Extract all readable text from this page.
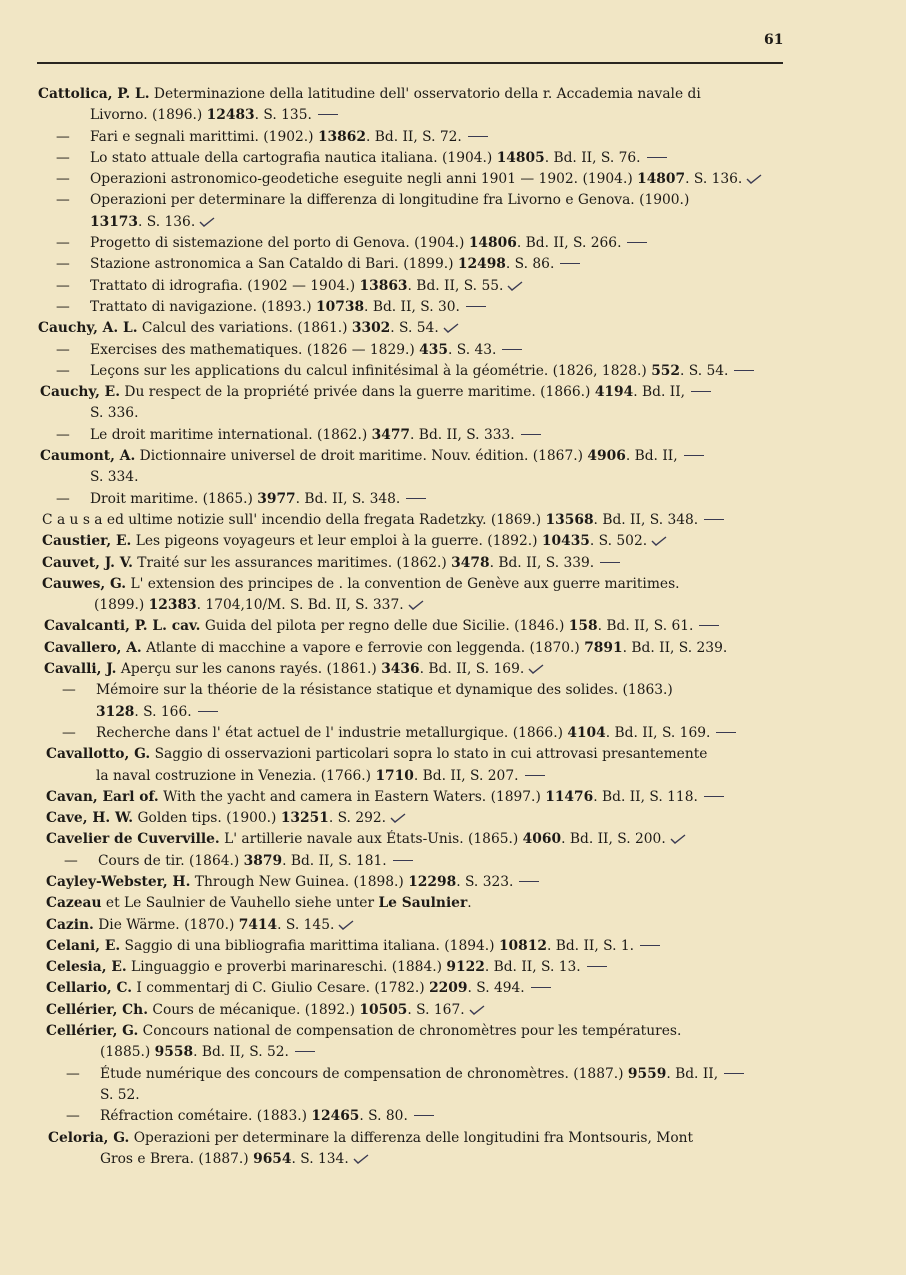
61
Cattolica, P. L. Determinazione della latitudine dell' osservatorio della r. Accademia navale di
Livorno. (1896.) 12483. S. 135.
— Fari e segnali marittimi. (1902.) 13862. Bd. II, S. 72.
— Lo stato attuale della cartografia nautica italiana. (1904.) 14805. Bd. II, S. 76.
— Operazioni astronomico-geodetiche eseguite negli anni 1901 — 1902. (1904.) 14807. S. 136.
— Operazioni per determinare la differenza di longitudine fra Livorno e Genova. (1900.)
13173. S. 136.
— Progetto di sistemazione del porto di Genova. (1904.) 14806. Bd. II, S. 266.
— Stazione astronomica a San Cataldo di Bari. (1899.) 12498. S. 86.
— Trattato di idrografia. (1902 — 1904.) 13863. Bd. II, S. 55.
— Trattato di navigazione. (1893.) 10738. Bd. II, S. 30.
Cauchy, A. L. Calcul des variations. (1861.) 3302. S. 54.
— Exercises des mathematiques. (1826 — 1829.) 435. S. 43.
— Leçons sur les applications du calcul infinitésimal à la géométrie. (1826, 1828.) 552. S. 54.
Cauchy, E. Du respect de la propriété privée dans la guerre maritime. (1866.) 4194. Bd. II,
S. 336.
— Le droit maritime international. (1862.) 3477. Bd. II, S. 333.
Caumont, A. Dictionnaire universel de droit maritime. Nouv. édition. (1867.) 4906. Bd. II,
S. 334.
— Droit maritime. (1865.) 3977. Bd. II, S. 348.
C a u s a ed ultime notizie sull' incendio della fregata Radetzky. (1869.) 13568. Bd. II, S. 348.
Caustier, E. Les pigeons voyageurs et leur emploi à la guerre. (1892.) 10435. S. 502.
Cauvet, J. V. Traité sur les assurances maritimes. (1862.) 3478. Bd. II, S. 339.
Cauwes, G. L' extension des principes de . la convention de Genève aux guerre maritimes.
(1899.) 12383. 1704,10/M. S. Bd. II, S. 337.
Cavalcanti, P. L. cav. Guida del pilota per regno delle due Sicilie. (1846.) 158. Bd. II, S. 61.
Cavallero, A. Atlante di macchine a vapore e ferrovie con leggenda. (1870.) 7891. Bd. II, S. 239.
Cavalli, J. Aperçu sur les canons rayés. (1861.) 3436. Bd. II, S. 169.
— Mémoire sur la théorie de la résistance statique et dynamique des solides. (1863.)
3128. S. 166.
— Recherche dans l' état actuel de l' industrie metallurgique. (1866.) 4104. Bd. II, S. 169.
Cavallotto, G. Saggio di osservazioni particolari sopra lo stato in cui attrovasi presantemente
la naval costruzione in Venezia. (1766.) 1710. Bd. II, S. 207.
Cavan, Earl of. With the yacht and camera in Eastern Waters. (1897.) 11476. Bd. II, S. 118.
Cave, H. W. Golden tips. (1900.) 13251. S. 292.
Cavelier de Cuverville. L' artillerie navale aux États-Unis. (1865.) 4060. Bd. II, S. 200.
— Cours de tir. (1864.) 3879. Bd. II, S. 181.
Cayley-Webster, H. Through New Guinea. (1898.) 12298. S. 323.
Cazeau et Le Saulnier de Vauhello siehe unter Le Saulnier.
Cazin. Die Wärme. (1870.) 7414. S. 145.
Celani, E. Saggio di una bibliografia marittima italiana. (1894.) 10812. Bd. II, S. 1.
Celesia, E. Linguaggio e proverbi marinareschi. (1884.) 9122. Bd. II, S. 13.
Cellario, C. I commentarj di C. Giulio Cesare. (1782.) 2209. S. 494.
Cellérier, Ch. Cours de mécanique. (1892.) 10505. S. 167.
Cellérier, G. Concours national de compensation de chronomètres pour les températures.
(1885.) 9558. Bd. II, S. 52.
— Étude numérique des concours de compensation de chronomètres. (1887.) 9559. Bd. II,
S. 52.
— Réfraction cométaire. (1883.) 12465. S. 80.
Celoria, G. Operazioni per determinare la differenza delle longitudini fra Montsouris, Mont
Gros e Brera. (1887.) 9654. S. 134.
